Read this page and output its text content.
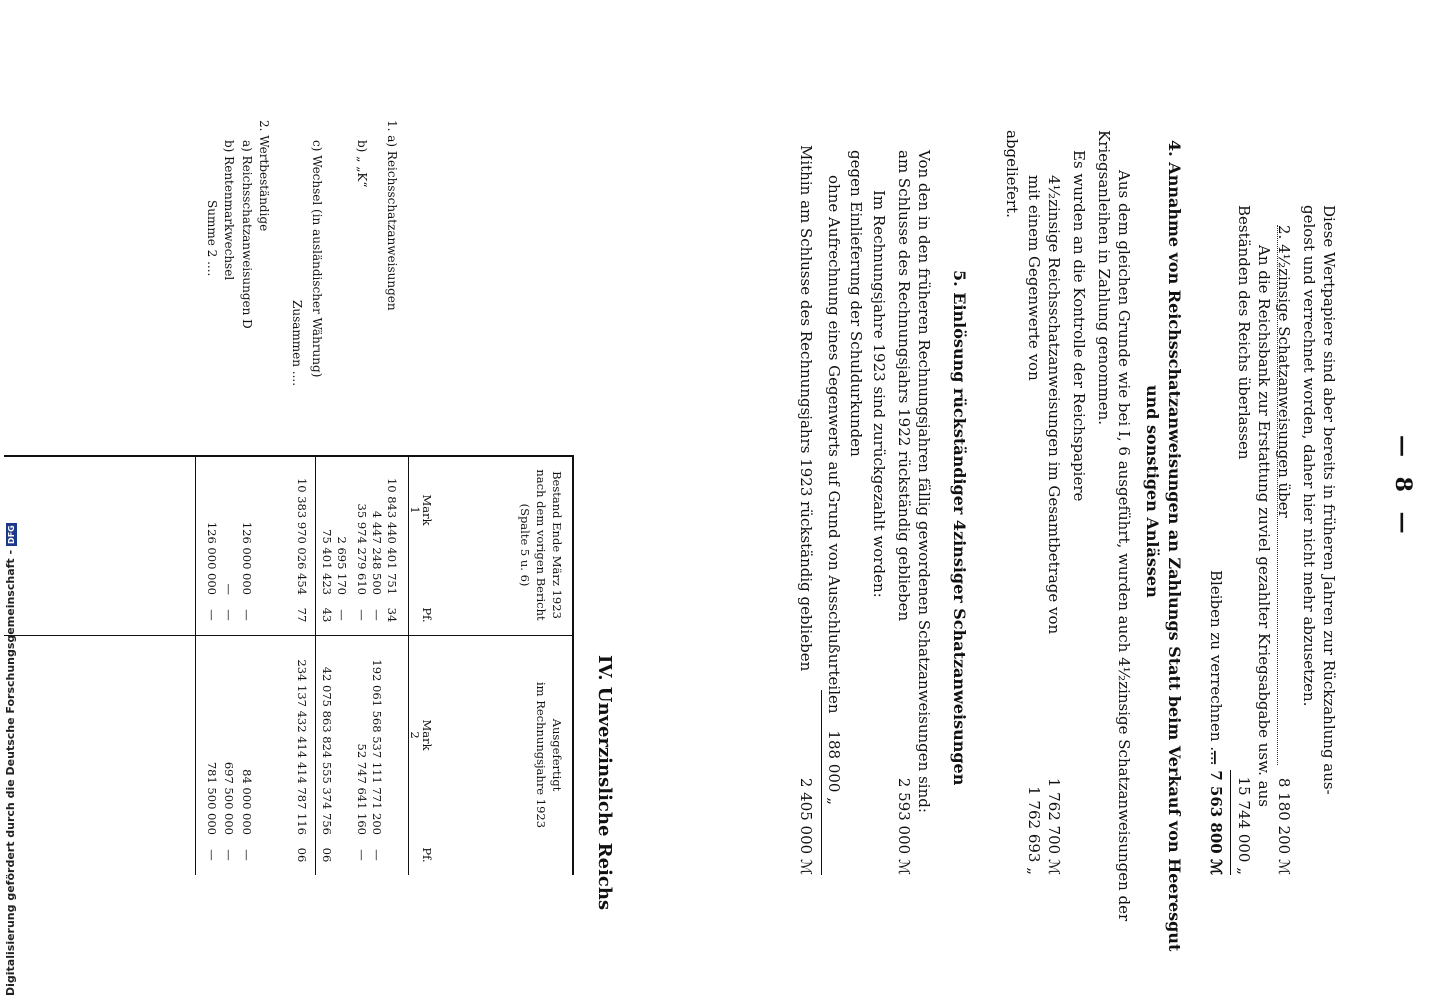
— 8 —
Diese Wertpapiere sind aber bereits in früheren Jahren zur Rückzahlung aus-
gelost und verrechnet worden, daher hier nicht mehr abzusetzen.
2. 4½zinsige Schatzanweisungen über
8 180 200 ℳ
An die Reichsbank zur Erstattung zuviel gezahlter Kriegsabgabe usw. aus
Beständen des Reichs überlassen
15 744 000 „
Bleiben zu verrechnen ....
— 7 563 800 ℳ
4. Annahme von Reichsschatzanweisungen an Zahlungs Statt beim Verkauf von Heeresgut
und sonstigen Anlässen
Aus dem gleichen Grunde wie bei I, 6 ausgeführt, wurden auch 4½zinsige Schatzanweisungen der
Kriegsanleihen in Zahlung genommen.
Es wurden an die Kontrolle der Reichspapiere
4½zinsige Reichsschatzanweisungen im Gesamtbetrage von
1 762 700 ℳ
mit einem Gegenwerte von
1 762 693 „
abgeliefert.
5. Einlösung rückständiger 4zinsiger Schatzanweisungen
Von den in den früheren Rechnungsjahren fällig gewordenen Schatzanweisungen sind:
am Schlusse des Rechnungsjahrs 1922 rückständig geblieben
2 593 000 ℳ
Im Rechnungsjahre 1923 sind zurückgezahlt worden:
gegen Einlieferung der Schuldurkunden
ohne Aufrechnung eines Gegenwerts auf Grund von Ausschlußurteilen
188 000 „
Mithin am Schlusse des Rechnungsjahrs 1923 rückständig geblieben
2 405 000 ℳ
IV. Unverzinsliche Reichs
Bestand Ende März 1923
nach dem vorigen Bericht
(Spalte 5 u. 6)
Mark
Pf.
1
Ausgefertigt
im Rechnungsjahre 1923
Mark
Pf.
2
1. a) Reichsschatzanweisungen
b) „ „K“
c) Wechsel (in ausländischer Währung)
Zusammen ....
2. Wertbeständige
a) Reichsschatzanweisungen D
b) Rentenmarkwechsel
Summe 2 ....
10 843 440 401 751
34
4 447 248 500
—
35 974 279 610
—
2 695 170
—
75 401 423
43
10 383 970 026 454
77
126 000 000
—
—
—
126 000 000
—
192 061 568 537 111 771 200
—
52 747 641 160
—
42 075 863 824 555 374 756
06
234 137 432 414 414 787 116
06
84 000 000
—
697 500 000
—
781 500 000
—
Digitalisierung gefördert durch die Deutsche Forschungsgemeinschaft -DFG
